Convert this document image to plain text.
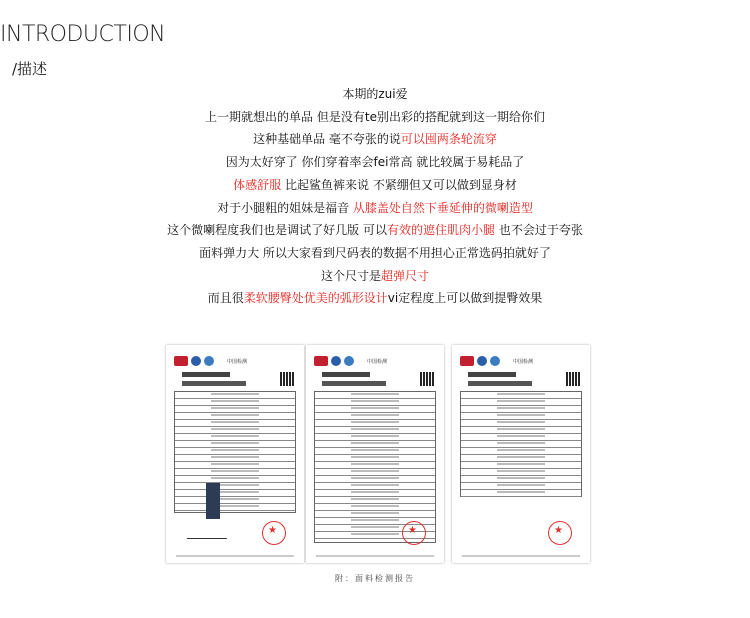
INTRODUCTION
/描述
本期的zui爱
上一期就想出的单品 但是没有te别出彩的搭配就到这一期给你们
这种基础单品 毫不夸张的说可以囤两条轮流穿
因为太好穿了 你们穿着率会fei常高 就比较属于易耗品了
体感舒服 比起鲨鱼裤来说 不紧绷但又可以做到显身材
对于小腿粗的姐妹是福音 从膝盖处自然下垂延伸的微喇造型
这个微喇程度我们也是调试了好几版 可以有效的遮住肌肉小腿 也不会过于夸张
面料弹力大 所以大家看到尺码表的数据不用担心正常选码拍就好了
这个尺寸是超弹尺寸
而且很柔软腰臀处优美的弧形设计vi定程度上可以做到提臀效果
中国检测
★	中国检测
★	中国检测
★
附：面料检测报告
